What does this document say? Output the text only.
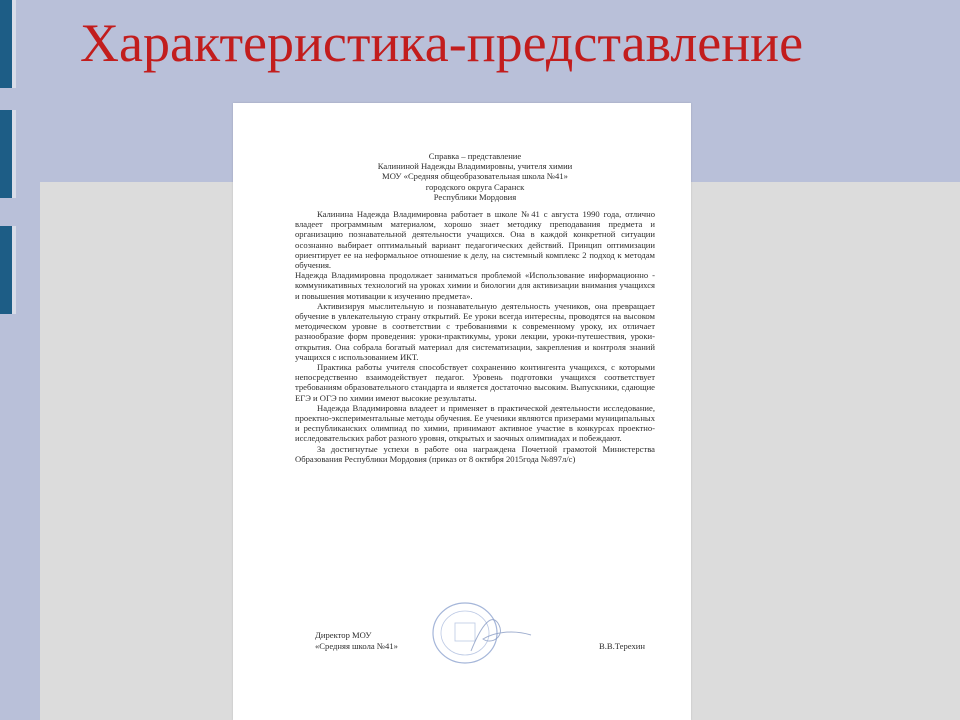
Характеристика-представление
Справка – представление
Калининой Надежды Владимировны, учителя химии
МОУ «Средняя общеобразовательная школа №41»
городского округа Саранск
Республики Мордовия

Калинина Надежда Владимировна работает в школе №41 с августа 1990 года, отлично владеет программным материалом, хорошо знает методику преподавания предмета и организацию познавательной деятельности учащихся. Она в каждой конкретной ситуации осознанно выбирает оптимальный вариант педагогических действий. Принцип оптимизации ориентирует ее на неформальное отношение к делу, на системный комплекс 2 подход к методам обучения.

Надежда Владимировна продолжает заниматься проблемой «Использование информационно - коммуникативных технологий на уроках химии и биологии для активизации внимания учащихся и повышения мотивации к изучению предмета».

Активизируя мыслительную и познавательную деятельность учеников, она превращает обучение в увлекательную страну открытий. Ее уроки всегда интересны, проводятся на высоком методическом уровне в соответствии с требованиями к современному уроку, их отличает разнообразие форм проведения: уроки-практикумы, уроки лекции, уроки-путешествия, уроки-открытия. Она собрала богатый материал для систематизации, закрепления и контроля знаний учащихся с использованием ИКТ.

Практика работы учителя способствует сохранению контингента учащихся, с которыми непосредственно взаимодействует педагог. Уровень подготовки учащихся соответствует требованиям образовательного стандарта и является достаточно высоким. Выпускники, сдающие ЕГЭ и ОГЭ по химии имеют высокие результаты.

Надежда Владимировна владеет и применяет в практической деятельности исследование, проектно-экспериментальные методы обучения. Ее ученики являются призерами муниципальных и республиканских олимпиад по химии, принимают активное участие в конкурсах проектно-исследовательских работ разного уровня, открытых и заочных олимпиадах и побеждают.

За достигнутые успехи в работе она награждена Почетной грамотой Министерства Образования Республики Мордовия (приказ от 8 октября 2015года №897л/с)

Директор МОУ
«Средняя школа №41»	В.В.Терехин
